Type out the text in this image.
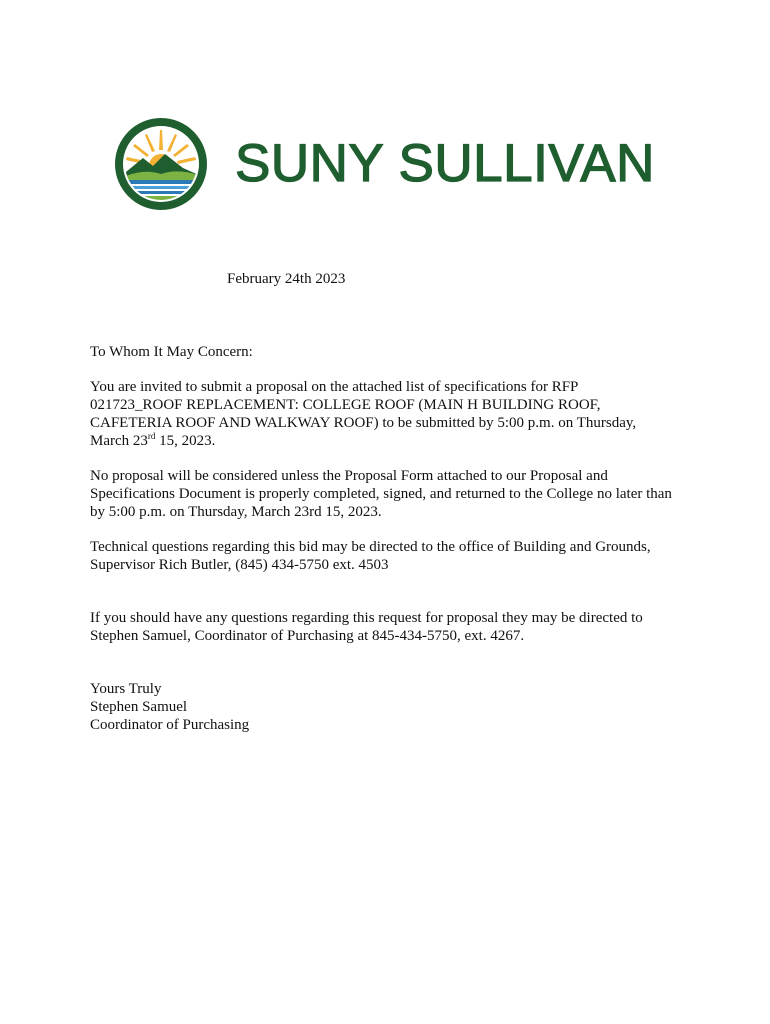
SUNY SULLIVAN
February 24th 2023

To Whom It May Concern:

You are invited to submit a proposal on the attached list of specifications for RFP
021723_ROOF REPLACEMENT: COLLEGE ROOF (MAIN H BUILDING ROOF,
CAFETERIA ROOF AND WALKWAY ROOF) to be submitted by 5:00 p.m. on Thursday,
March 23rd 15, 2023.

No proposal will be considered unless the Proposal Form attached to our Proposal and
Specifications Document is properly completed, signed, and returned to the College no later than
by 5:00 p.m. on Thursday, March 23rd 15, 2023.

Technical questions regarding this bid may be directed to the office of Building and Grounds,
Supervisor Rich Butler, (845) 434-5750 ext. 4503

If you should have any questions regarding this request for proposal they may be directed to
Stephen Samuel, Coordinator of Purchasing at 845-434-5750, ext. 4267.

Yours Truly
Stephen Samuel
Coordinator of Purchasing
